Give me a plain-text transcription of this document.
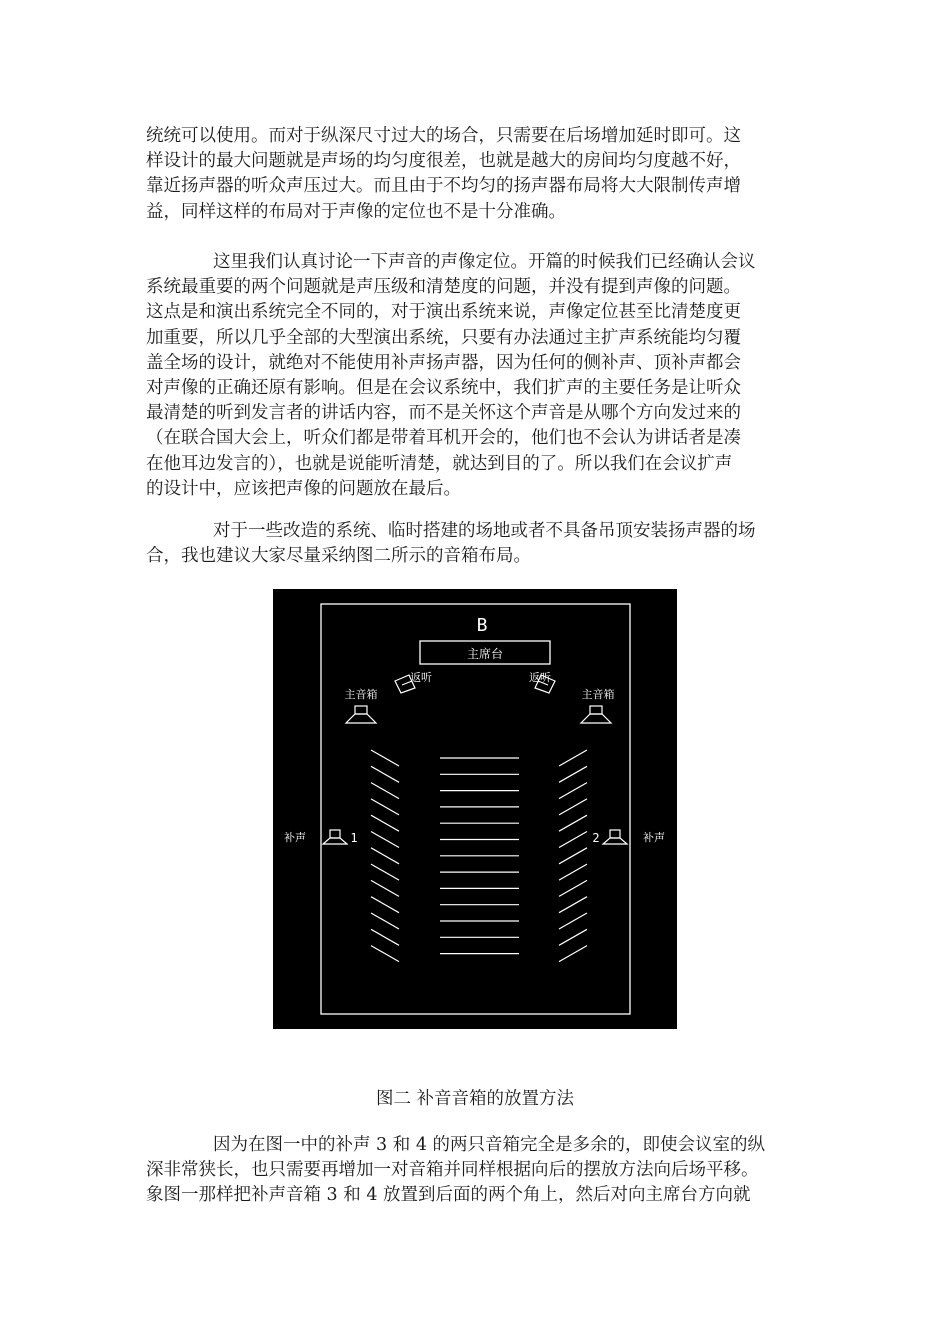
统统可以使用。而对于纵深尺寸过大的场合，只需要在后场增加延时即可。这
样设计的最大问题就是声场的均匀度很差，也就是越大的房间均匀度越不好，
靠近扬声器的听众声压过大。而且由于不均匀的扬声器布局将大大限制传声增
益，同样这样的布局对于声像的定位也不是十分准确。
这里我们认真讨论一下声音的声像定位。开篇的时候我们已经确认会议
系统最重要的两个问题就是声压级和清楚度的问题，并没有提到声像的问题。
这点是和演出系统完全不同的，对于演出系统来说，声像定位甚至比清楚度更
加重要，所以几乎全部的大型演出系统，只要有办法通过主扩声系统能均匀覆
盖全场的设计，就绝对不能使用补声扬声器，因为任何的侧补声、顶补声都会
对声像的正确还原有影响。但是在会议系统中，我们扩声的主要任务是让听众
最清楚的听到发言者的讲话内容，而不是关怀这个声音是从哪个方向发过来的
（在联合国大会上，听众们都是带着耳机开会的，他们也不会认为讲话者是凑
在他耳边发言的），也就是说能听清楚，就达到目的了。所以我们在会议扩声
的设计中，应该把声像的问题放在最后。
对于一些改造的系统、临时搭建的场地或者不具备吊顶安装扬声器的场
合，我也建议大家尽量采纳图二所示的音箱布局。
B
主席台
返听	返听
主音箱	主音箱
补声	1	2	补声
图二 补音音箱的放置方法
因为在图一中的补声 3 和 4 的两只音箱完全是多余的，即使会议室的纵
深非常狭长，也只需要再增加一对音箱并同样根据向后的摆放方法向后场平移。
象图一那样把补声音箱 3 和 4 放置到后面的两个角上，然后对向主席台方向就
